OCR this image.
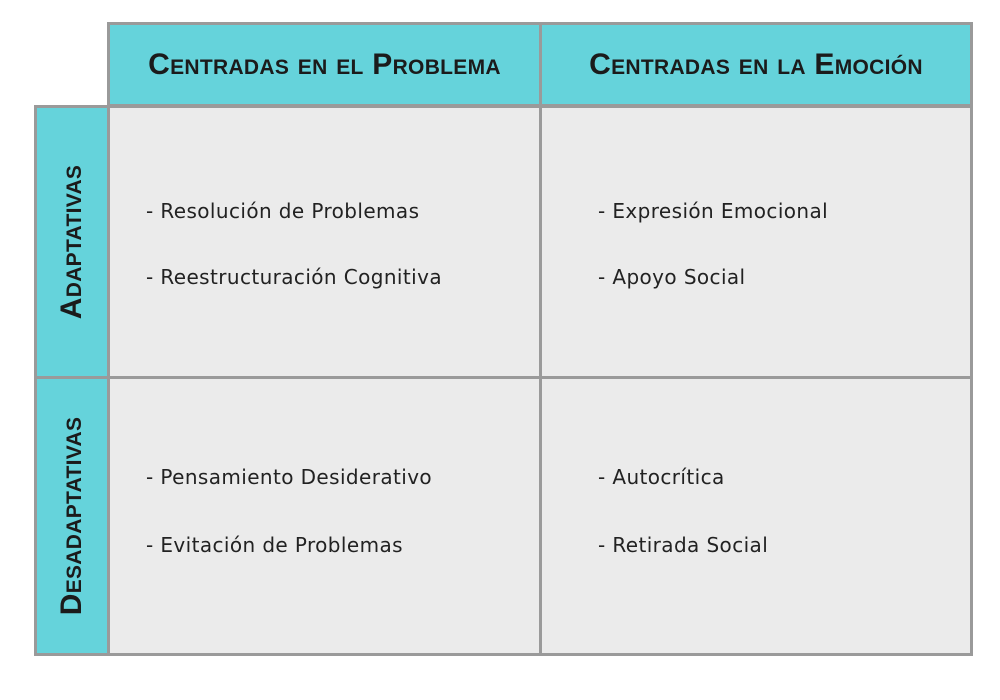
Centradas en el Problema	Centradas en la Emoción
Adaptativas
Desadaptativas
- Resolución de Problemas
- Reestructuración Cognitiva
- Expresión Emocional
- Apoyo Social
- Pensamiento Desiderativo
- Evitación de Problemas
- Autocrítica
- Retirada Social
